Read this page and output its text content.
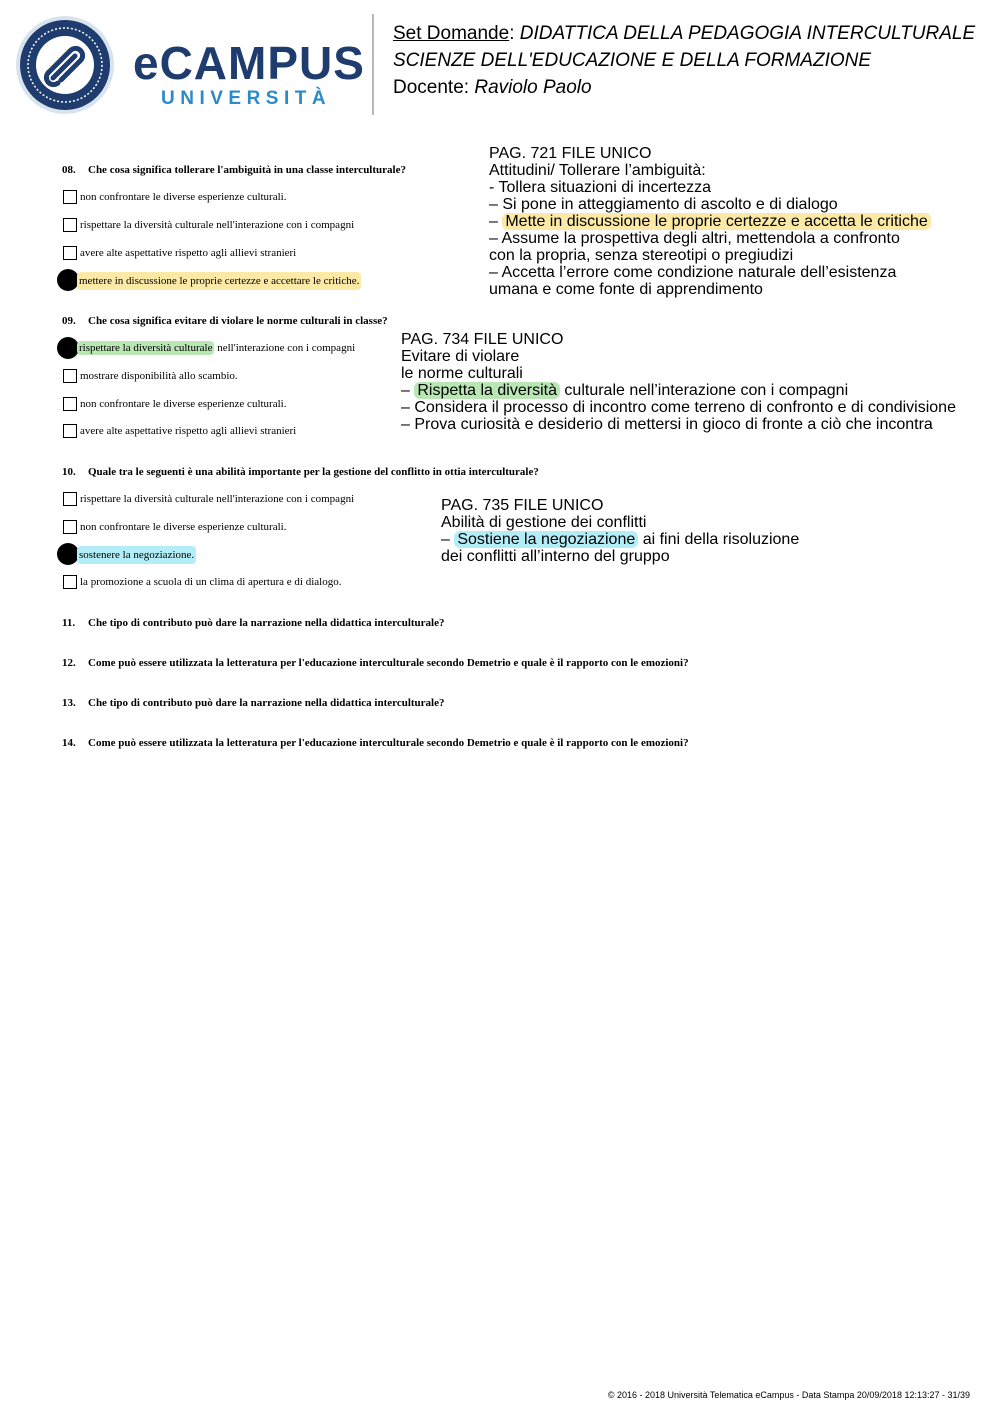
eCAMPUS
UNIVERSITÀ
Set Domande: DIDATTICA DELLA PEDAGOGIA INTERCULTURALE
SCIENZE DELL'EDUCAZIONE E DELLA FORMAZIONE
Docente: Raviolo Paolo
08. Che cosa significa tollerare l'ambiguità in una classe interculturale?
non confrontare le diverse esperienze culturali.
rispettare la diversità culturale nell'interazione con i compagni
avere alte aspettative rispetto agli allievi stranieri
mettere in discussione le proprie certezze e accettare le critiche.
PAG. 721 FILE UNICO
Attitudini/ Tollerare l’ambiguità:
- Tollera situazioni di incertezza
– Si pone in atteggiamento di ascolto e di dialogo
– Mette in discussione le proprie certezze e accetta le critiche
– Assume la prospettiva degli altri, mettendola a confronto
con la propria, senza stereotipi o pregiudizi
– Accetta l’errore come condizione naturale dell’esistenza
umana e come fonte di apprendimento
09. Che cosa significa evitare di violare le norme culturali in classe?
rispettare la diversità culturale nell'interazione con i compagni
mostrare disponibilità allo scambio.
non confrontare le diverse esperienze culturali.
avere alte aspettative rispetto agli allievi stranieri
PAG. 734 FILE UNICO
Evitare di violare
le norme culturali
– Rispetta la diversità culturale nell’interazione con i compagni
– Considera il processo di incontro come terreno di confronto e di condivisione
– Prova curiosità e desiderio di mettersi in gioco di fronte a ciò che incontra
10. Quale tra le seguenti è una abilità importante per la gestione del conflitto in ottia interculturale?
rispettare la diversità culturale nell'interazione con i compagni
non confrontare le diverse esperienze culturali.
sostenere la negoziazione.
la promozione a scuola di un clima di apertura e di dialogo.
PAG. 735 FILE UNICO
Abilità di gestione dei conflitti
– Sostiene la negoziazione ai fini della risoluzione
dei conflitti all’interno del gruppo
11. Che tipo di contributo può dare la narrazione nella didattica interculturale?
12. Come può essere utilizzata la letteratura per l'educazione interculturale secondo Demetrio e quale è il rapporto con le emozioni?
13. Che tipo di contributo può dare la narrazione nella didattica interculturale?
14. Come può essere utilizzata la letteratura per l'educazione interculturale secondo Demetrio e quale è il rapporto con le emozioni?
© 2016 - 2018 Università Telematica eCampus - Data Stampa 20/09/2018 12:13:27 - 31/39
